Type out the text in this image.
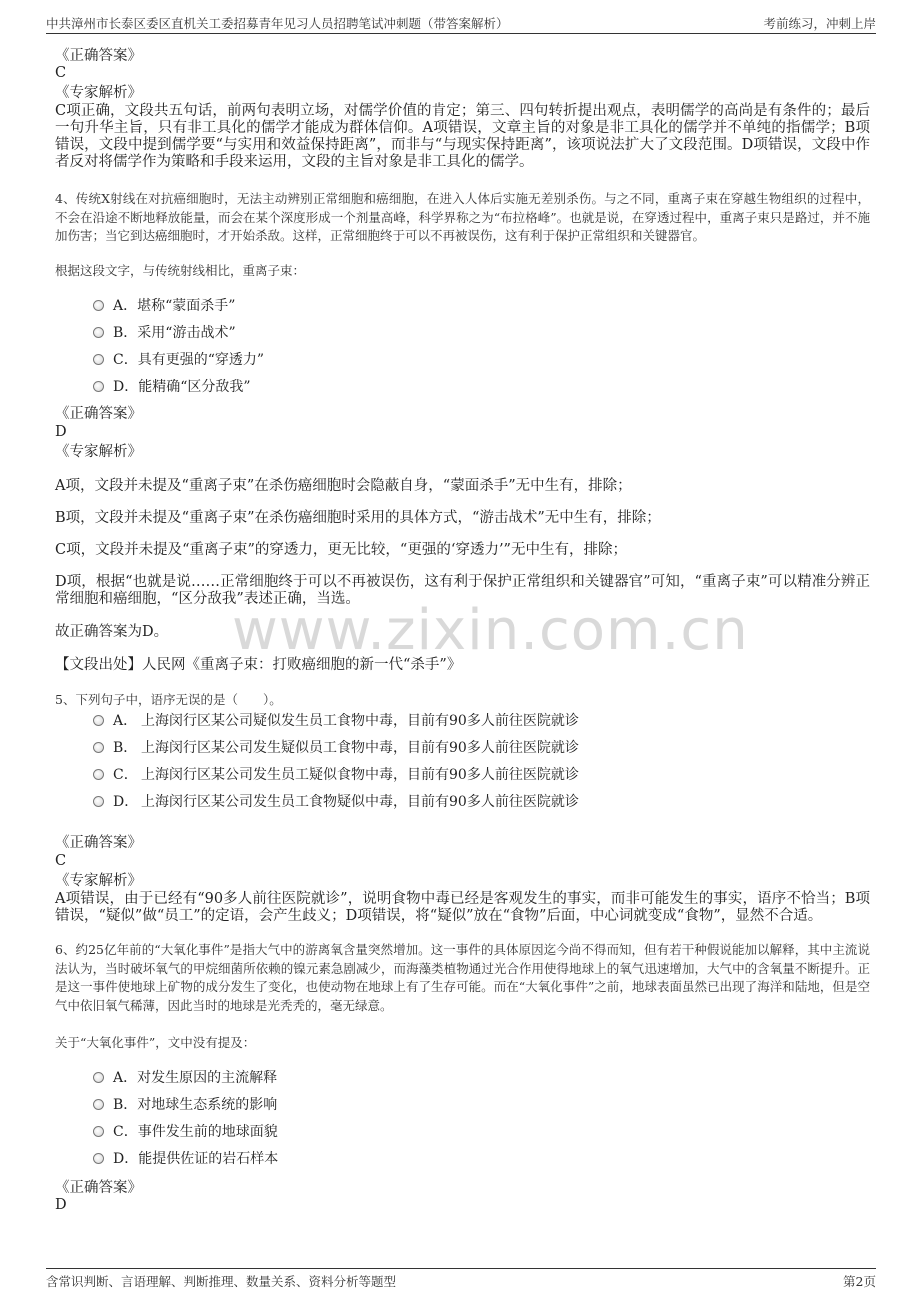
中共漳州市长泰区委区直机关工委招募青年见习人员招聘笔试冲刺题（带答案解析）	考前练习，冲刺上岸
www.zixin.com.cn
《正确答案》
C
《专家解析》
C项正确，文段共五句话，前两句表明立场，对儒学价值的肯定；第三、四句转折提出观点，表明儒学的高尚是有条件的；最后一句升华主旨，只有非工具化的儒学才能成为群体信仰。A项错误，文章主旨的对象是非工具化的儒学并不单纯的指儒学；B项错误，文段中提到儒学要“与实用和效益保持距离”，而非与“与现实保持距离”，该项说法扩大了文段范围。D项错误，文段中作者反对将儒学作为策略和手段来运用，文段的主旨对象是非工具化的儒学。
4、传统X射线在对抗癌细胞时，无法主动辨别正常细胞和癌细胞，在进入人体后实施无差别杀伤。与之不同，重离子束在穿越生物组织的过程中，不会在沿途不断地释放能量，而会在某个深度形成一个剂量高峰，科学界称之为“布拉格峰”。也就是说，在穿透过程中，重离子束只是路过，并不施加伤害；当它到达癌细胞时，才开始杀敌。这样，正常细胞终于可以不再被误伤，这有利于保护正常组织和关键器官。
根据这段文字，与传统射线相比，重离子束：
A．堪称“蒙面杀手”
B．采用“游击战术”
C．具有更强的“穿透力”
D．能精确“区分敌我”
《正确答案》
D
《专家解析》
A项，文段并未提及“重离子束”在杀伤癌细胞时会隐蔽自身，“蒙面杀手”无中生有，排除；
B项，文段并未提及“重离子束”在杀伤癌细胞时采用的具体方式，“游击战术”无中生有，排除；
C项，文段并未提及“重离子束”的穿透力，更无比较，“更强的‘穿透力’”无中生有，排除；
D项，根据“也就是说……正常细胞终于可以不再被误伤，这有利于保护正常组织和关键器官”可知，“重离子束”可以精准分辨正常细胞和癌细胞，“区分敌我”表述正确，当选。
故正确答案为D。
【文段出处】人民网《重离子束：打败癌细胞的新一代“杀手”》
5、下列句子中，语序无误的是（　　）。
A． 上海闵行区某公司疑似发生员工食物中毒，目前有90多人前往医院就诊
B． 上海闵行区某公司发生疑似员工食物中毒，目前有90多人前往医院就诊
C． 上海闵行区某公司发生员工疑似食物中毒，目前有90多人前往医院就诊
D． 上海闵行区某公司发生员工食物疑似中毒，目前有90多人前往医院就诊
《正确答案》
C
《专家解析》
A项错误，由于已经有“90多人前往医院就诊”，说明食物中毒已经是客观发生的事实，而非可能发生的事实，语序不恰当；B项错误，“疑似”做“员工”的定语，会产生歧义；D项错误，将“疑似”放在“食物”后面，中心词就变成“食物”，显然不合适。
6、约25亿年前的“大氧化事件”是指大气中的游离氧含量突然增加。这一事件的具体原因迄今尚不得而知，但有若干种假说能加以解释，其中主流说法认为，当时破坏氧气的甲烷细菌所依赖的镍元素急剧减少，而海藻类植物通过光合作用使得地球上的氧气迅速增加，大气中的含氧量不断提升。正是这一事件使地球上矿物的成分发生了变化，也使动物在地球上有了生存可能。而在“大氧化事件”之前，地球表面虽然已出现了海洋和陆地，但是空气中依旧氧气稀薄，因此当时的地球是光秃秃的，毫无绿意。
关于“大氧化事件”，文中没有提及：
A．对发生原因的主流解释
B．对地球生态系统的影响
C．事件发生前的地球面貌
D．能提供佐证的岩石样本
《正确答案》
D
含常识判断、言语理解、判断推理、数量关系、资料分析等题型	第2页
